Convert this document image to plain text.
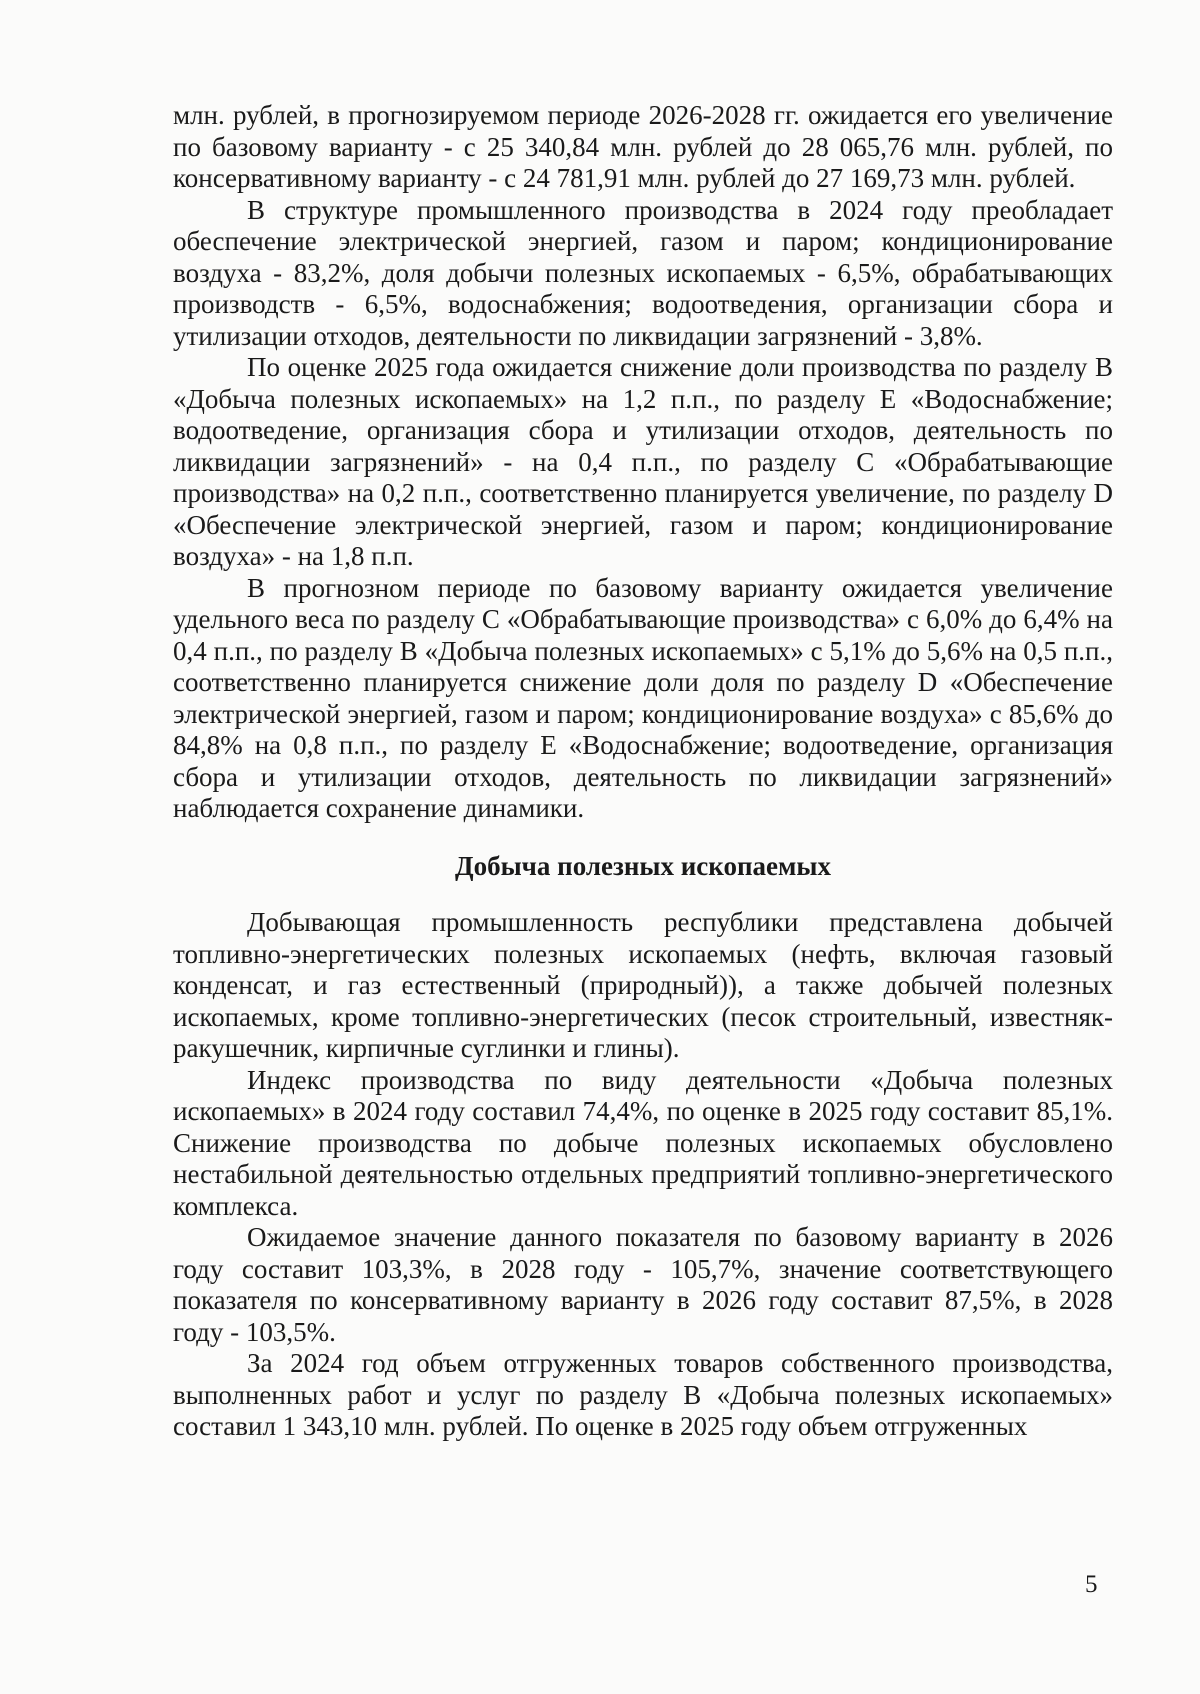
млн. рублей, в прогнозируемом периоде 2026-2028 гг. ожидается его увеличение по базовому варианту - с 25 340,84 млн. рублей до 28 065,76 млн. рублей, по консервативному варианту - с 24 781,91 млн. рублей до 27 169,73 млн. рублей.

В структуре промышленного производства в 2024 году преобладает обеспечение электрической энергией, газом и паром; кондиционирование воздуха - 83,2%, доля добычи полезных ископаемых - 6,5%, обрабатывающих производств - 6,5%, водоснабжения; водоотведения, организации сбора и утилизации отходов, деятельности по ликвидации загрязнений - 3,8%.

По оценке 2025 года ожидается снижение доли производства по разделу В «Добыча полезных ископаемых» на 1,2 п.п., по разделу Е «Водоснабжение; водоотведение, организация сбора и утилизации отходов, деятельность по ликвидации загрязнений» - на 0,4 п.п., по разделу С «Обрабатывающие производства» на 0,2 п.п., соответственно планируется увеличение, по разделу D «Обеспечение электрической энергией, газом и паром; кондиционирование воздуха» - на 1,8 п.п.

В прогнозном периоде по базовому варианту ожидается увеличение удельного веса по разделу С «Обрабатывающие производства» с 6,0% до 6,4% на 0,4 п.п., по разделу В «Добыча полезных ископаемых» с 5,1% до 5,6% на 0,5 п.п., соответственно планируется снижение доли доля по разделу D «Обеспечение электрической энергией, газом и паром; кондиционирование воздуха» с 85,6% до 84,8% на 0,8 п.п., по разделу Е «Водоснабжение; водоотведение, организация сбора и утилизации отходов, деятельность по ликвидации загрязнений» наблюдается сохранение динамики.

Добыча полезных ископаемых

Добывающая промышленность республики представлена добычей топливно-энергетических полезных ископаемых (нефть, включая газовый конденсат, и газ естественный (природный)), а также добычей полезных ископаемых, кроме топливно-энергетических (песок строительный, известняк-ракушечник, кирпичные суглинки и глины).

Индекс производства по виду деятельности «Добыча полезных ископаемых» в 2024 году составил 74,4%, по оценке в 2025 году составит 85,1%. Снижение производства по добыче полезных ископаемых обусловлено нестабильной деятельностью отдельных предприятий топливно-энергетического комплекса.

Ожидаемое значение данного показателя по базовому варианту в 2026 году составит 103,3%, в 2028 году - 105,7%, значение соответствующего показателя по консервативному варианту в 2026 году составит 87,5%, в 2028 году - 103,5%.

За 2024 год объем отгруженных товаров собственного производства, выполненных работ и услуг по разделу В «Добыча полезных ископаемых» составил 1 343,10 млн. рублей. По оценке в 2025 году объем отгруженных

5
